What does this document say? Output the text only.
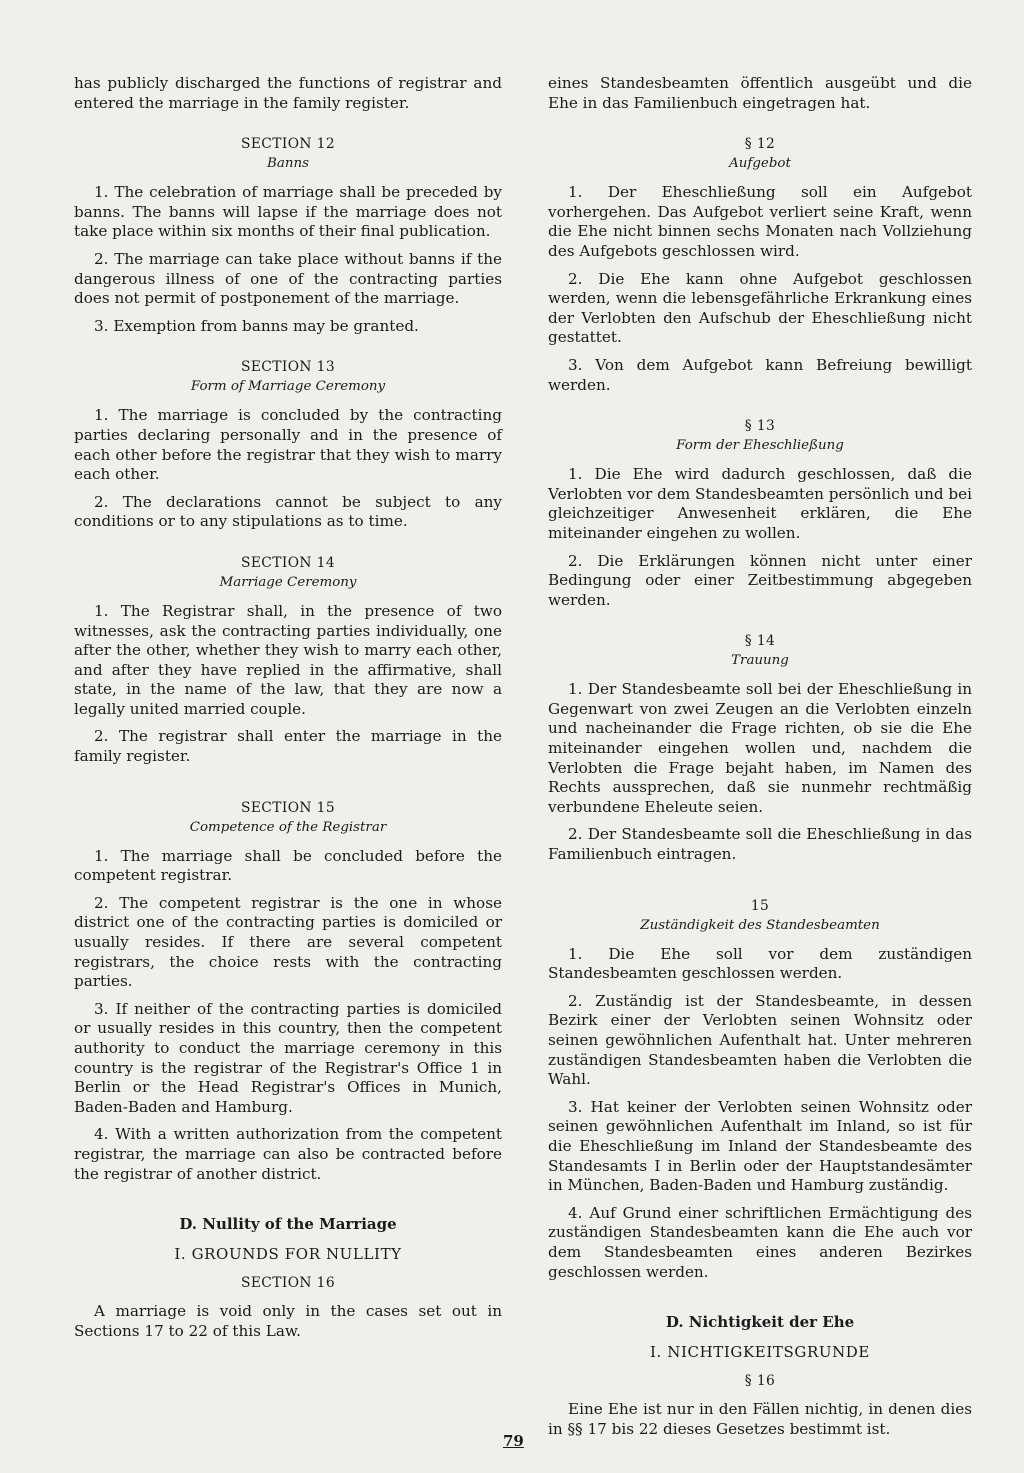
has publicly discharged the functions of registrar and entered the marriage in the family register.

SECTION 12
Banns

1. The celebration of marriage shall be preceded by banns. The banns will lapse if the marriage does not take place within six months of their final publication.

2. The marriage can take place without banns if the dangerous illness of one of the contracting parties does not permit of postponement of the marriage.

3. Exemption from banns may be granted.

SECTION 13
Form of Marriage Ceremony

1. The marriage is concluded by the contracting parties declaring personally and in the presence of each other before the registrar that they wish to marry each other.

2. The declarations cannot be subject to any conditions or to any stipulations as to time.

SECTION 14
Marriage Ceremony

1. The Registrar shall, in the presence of two witnesses, ask the contracting parties individually, one after the other, whether they wish to marry each other, and after they have replied in the affirmative, shall state, in the name of the law, that they are now a legally united married couple.

2. The registrar shall enter the marriage in the family register.

SECTION 15
Competence of the Registrar

1. The marriage shall be concluded before the competent registrar.

2. The competent registrar is the one in whose district one of the contracting parties is domiciled or usually resides. If there are several competent registrars, the choice rests with the contracting parties.

3. If neither of the contracting parties is domiciled or usually resides in this country, then the competent authority to conduct the marriage ceremony in this country is the registrar of the Registrar's Office 1 in Berlin or the Head Registrar's Offices in Munich, Baden-Baden and Hamburg.

4. With a written authorization from the competent registrar, the marriage can also be contracted before the registrar of another district.

D. Nullity of the Marriage
I. GROUNDS FOR NULLITY
SECTION 16

A marriage is void only in the cases set out in Sections 17 to 22 of this Law.

eines Standesbeamten öffentlich ausgeübt und die Ehe in das Familienbuch eingetragen hat.

§ 12
Aufgebot

1. Der Eheschließung soll ein Aufgebot vorhergehen. Das Aufgebot verliert seine Kraft, wenn die Ehe nicht binnen sechs Monaten nach Vollziehung des Aufgebots geschlossen wird.

2. Die Ehe kann ohne Aufgebot geschlossen werden, wenn die lebensgefährliche Erkrankung eines der Verlobten den Aufschub der Eheschließung nicht gestattet.

3. Von dem Aufgebot kann Befreiung bewilligt werden.

§ 13
Form der Eheschließung

1. Die Ehe wird dadurch geschlossen, daß die Verlobten vor dem Standesbeamten persönlich und bei gleichzeitiger Anwesenheit erklären, die Ehe miteinander eingehen zu wollen.

2. Die Erklärungen können nicht unter einer Bedingung oder einer Zeitbestimmung abgegeben werden.

§ 14
Trauung

1. Der Standesbeamte soll bei der Eheschließung in Gegenwart von zwei Zeugen an die Verlobten einzeln und nacheinander die Frage richten, ob sie die Ehe miteinander eingehen wollen und, nachdem die Verlobten die Frage bejaht haben, im Namen des Rechts aussprechen, daß sie nunmehr rechtmäßig verbundene Eheleute seien.

2. Der Standesbeamte soll die Eheschließung in das Familienbuch eintragen.

15
Zuständigkeit des Standesbeamten

1. Die Ehe soll vor dem zuständigen Standesbeamten geschlossen werden.

2. Zuständig ist der Standesbeamte, in dessen Bezirk einer der Verlobten seinen Wohnsitz oder seinen gewöhnlichen Aufenthalt hat. Unter mehreren zuständigen Standesbeamten haben die Verlobten die Wahl.

3. Hat keiner der Verlobten seinen Wohnsitz oder seinen gewöhnlichen Aufenthalt im Inland, so ist für die Eheschließung im Inland der Standesbeamte des Standesamts I in Berlin oder der Hauptstandesämter in München, Baden-Baden und Hamburg zuständig.

4. Auf Grund einer schriftlichen Ermächtigung des zuständigen Standesbeamten kann die Ehe auch vor dem Standesbeamten eines anderen Bezirkes geschlossen werden.

D. Nichtigkeit der Ehe
I. NICHTIGKEITSGRUNDE
§ 16

Eine Ehe ist nur in den Fällen nichtig, in denen dies in §§ 17 bis 22 dieses Gesetzes bestimmt ist.

79
